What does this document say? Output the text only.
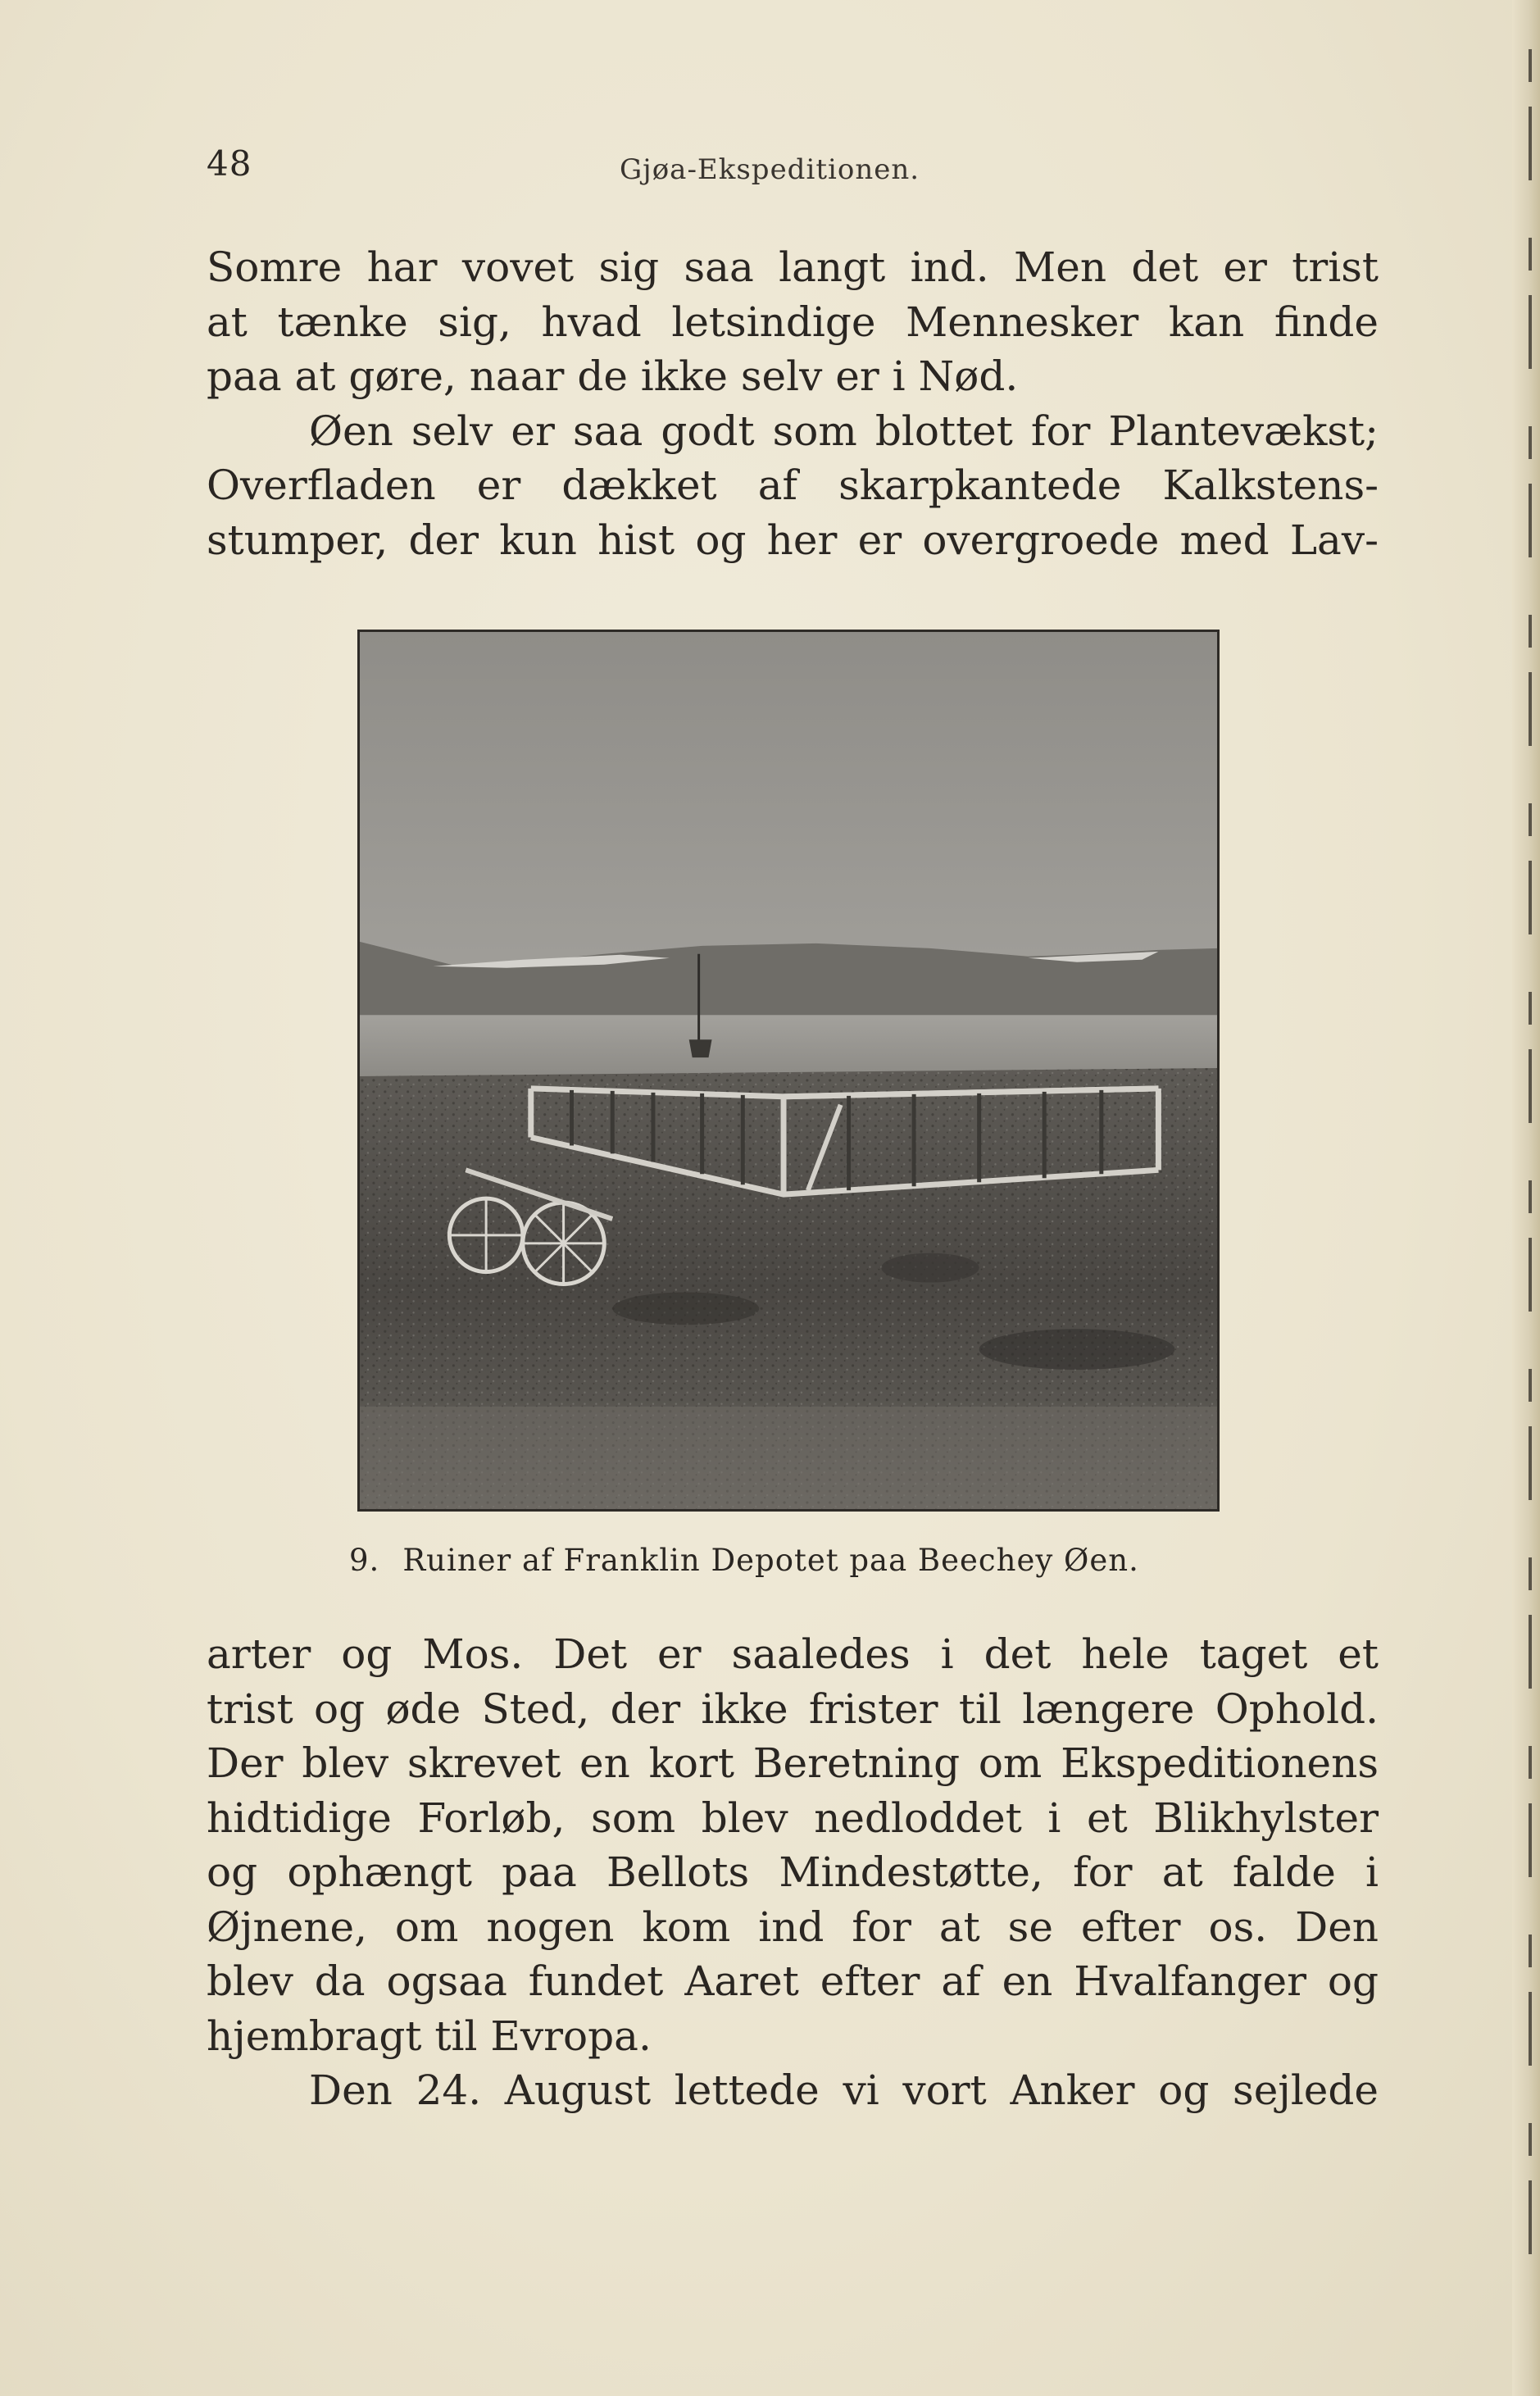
48	Gjøa-Ekspeditionen.
Somre har vovet sig saa langt ind. Men det er trist
at tænke sig, hvad letsindige Mennesker kan finde
paa at gøre, naar de ikke selv er i Nød.
Øen selv er saa godt som blottet for Plantevækst;
Overfladen er dækket af skarpkantede Kalkstens-
stumper, der kun hist og her er overgroede med Lav-
9. Ruiner af Franklin Depotet paa Beechey Øen.
arter og Mos. Det er saaledes i det hele taget et
trist og øde Sted, der ikke frister til længere Ophold.
Der blev skrevet en kort Beretning om Ekspeditionens
hidtidige Forløb, som blev nedloddet i et Blikhylster
og ophængt paa Bellots Mindestøtte, for at falde i
Øjnene, om nogen kom ind for at se efter os. Den
blev da ogsaa fundet Aaret efter af en Hvalfanger og
hjembragt til Evropa.
Den 24. August lettede vi vort Anker og sejlede
